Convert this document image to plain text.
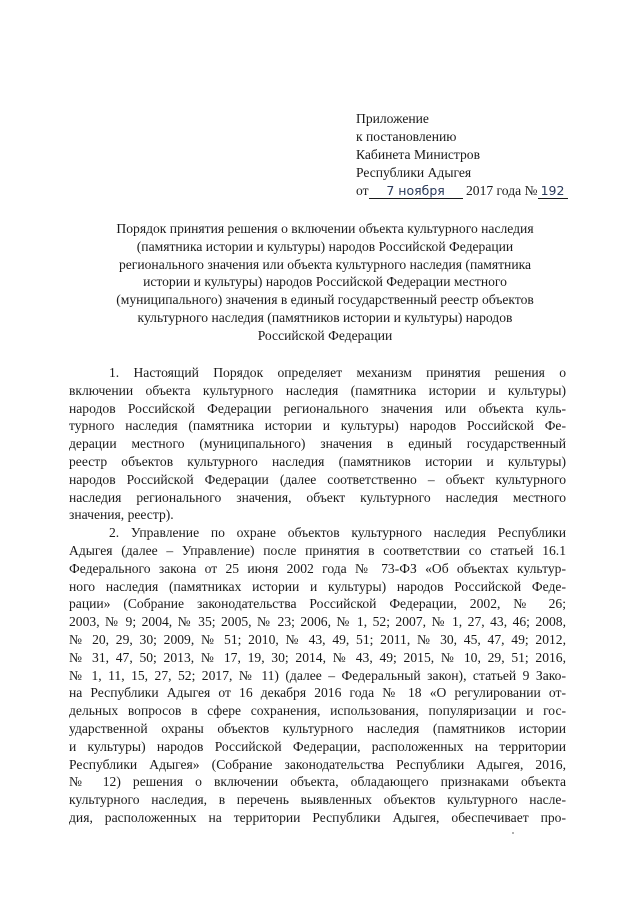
Приложение
к постановлению
Кабинета Министров
Республики Адыгея
от 7 ноября 2017 года № 192
Порядок принятия решения о включении объекта культурного наследия
(памятника истории и культуры) народов Российской Федерации
регионального значения или объекта культурного наследия (памятника
истории и культуры) народов Российской Федерации местного
(муниципального) значения в единый государственный реестр объектов
культурного наследия (памятников истории и культуры) народов
Российской Федерации
1. Настоящий Порядок определяет механизм принятия решения о
включении объекта культурного наследия (памятника истории и культуры)
народов Российской Федерации регионального значения или объекта куль-
турного наследия (памятника истории и культуры) народов Российской Фе-
дерации местного (муниципального) значения в единый государственный
реестр объектов культурного наследия (памятников истории и культуры)
народов Российской Федерации (далее соответственно – объект культурного
наследия регионального значения, объект культурного наследия местного
значения, реестр).
2. Управление по охране объектов культурного наследия Республики
Адыгея (далее – Управление) после принятия в соответствии со статьей 16.1
Федерального закона от 25 июня 2002 года № 73-ФЗ «Об объектах культур-
ного наследия (памятниках истории и культуры) народов Российской Феде-
рации» (Собрание законодательства Российской Федерации, 2002, № 26;
2003, № 9; 2004, № 35; 2005, № 23; 2006, № 1, 52; 2007, № 1, 27, 43, 46; 2008,
№ 20, 29, 30; 2009, № 51; 2010, № 43, 49, 51; 2011, № 30, 45, 47, 49; 2012,
№ 31, 47, 50; 2013, № 17, 19, 30; 2014, № 43, 49; 2015, № 10, 29, 51; 2016,
№ 1, 11, 15, 27, 52; 2017, № 11) (далее – Федеральный закон), статьей 9 Зако-
на Республики Адыгея от 16 декабря 2016 года № 18 «О регулировании от-
дельных вопросов в сфере сохранения, использования, популяризации и гос-
ударственной охраны объектов культурного наследия (памятников истории
и культуры) народов Российской Федерации, расположенных на территории
Республики Адыгея» (Собрание законодательства Республики Адыгея, 2016,
№ 12) решения о включении объекта, обладающего признаками объекта
культурного наследия, в перечень выявленных объектов культурного насле-
дия, расположенных на территории Республики Адыгея, обеспечивает про-
